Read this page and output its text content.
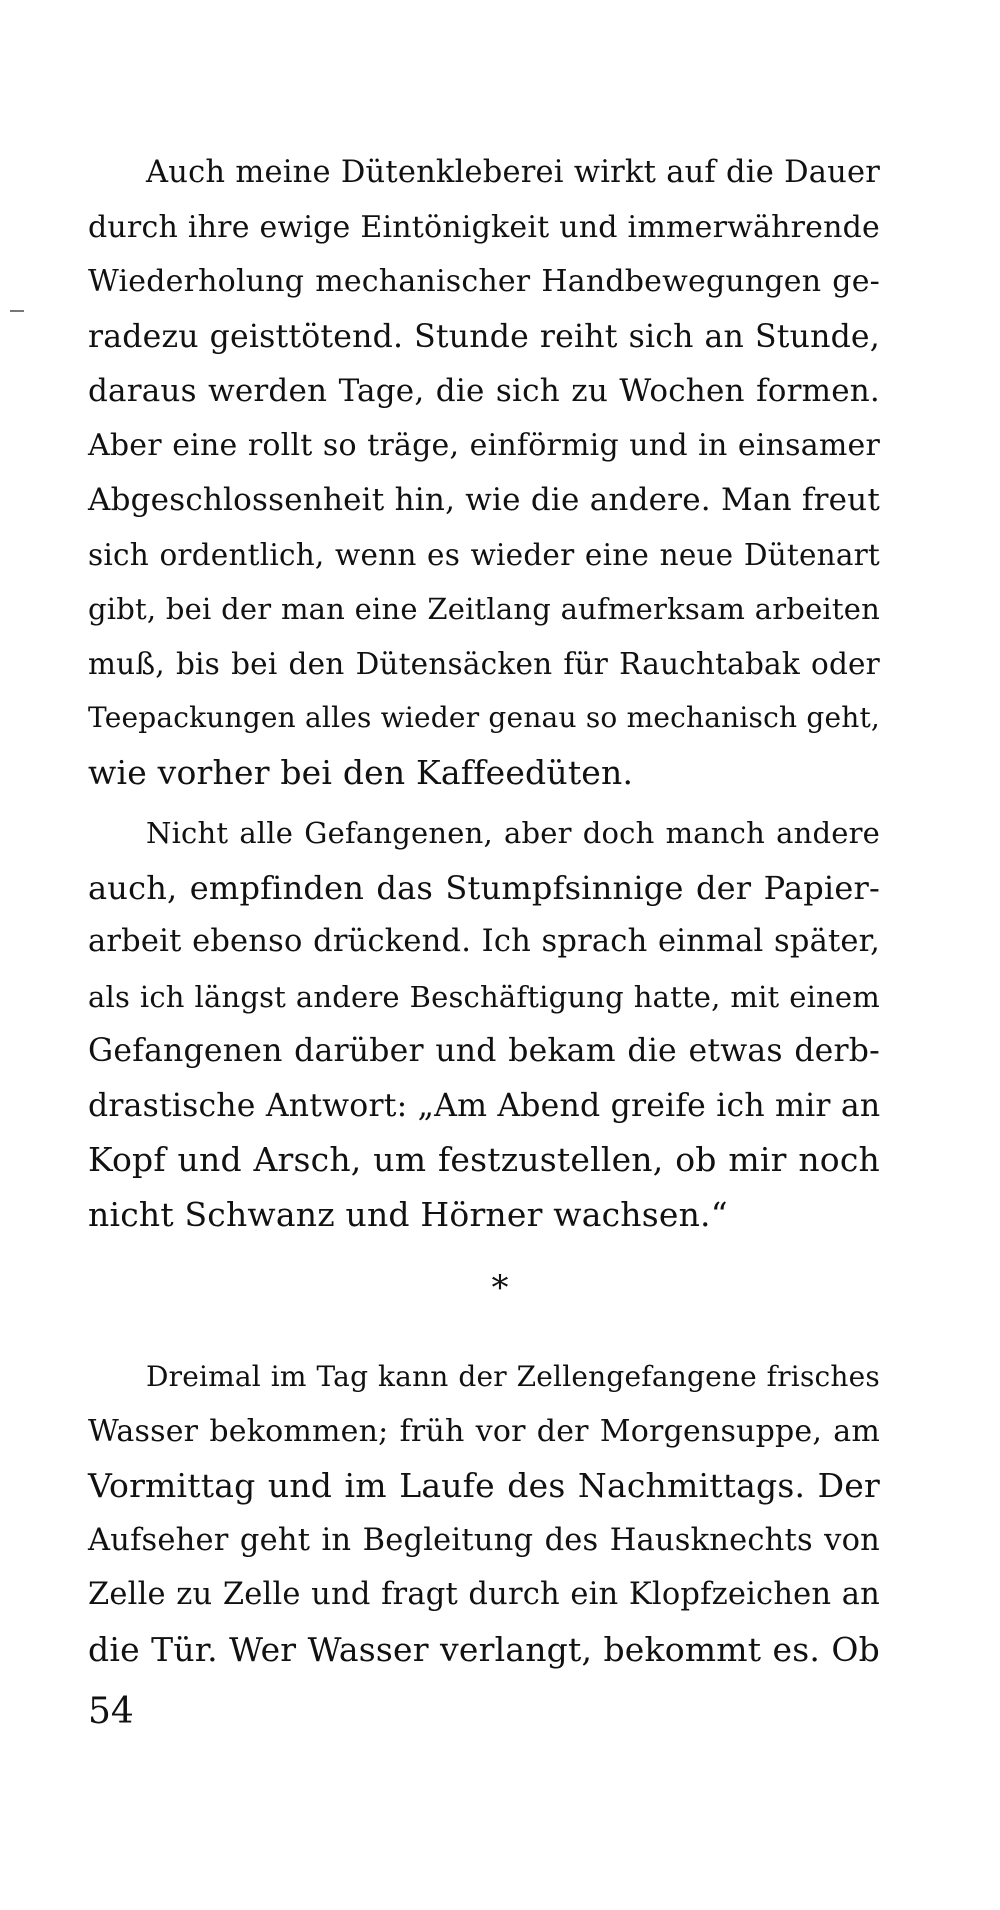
Auch meine Dütenkleberei wirkt auf die Dauer
durch ihre ewige Eintönigkeit und immerwährende
Wiederholung mechanischer Handbewegungen ge-
radezu geisttötend. Stunde reiht sich an Stunde,
daraus werden Tage, die sich zu Wochen formen.
Aber eine rollt so träge, einförmig und in einsamer
Abgeschlossenheit hin, wie die andere. Man freut
sich ordentlich, wenn es wieder eine neue Dütenart
gibt, bei der man eine Zeitlang aufmerksam arbeiten
muß, bis bei den Dütensäcken für Rauchtabak oder
Teepackungen alles wieder genau so mechanisch geht,
wie vorher bei den Kaffeedüten.
Nicht alle Gefangenen, aber doch manch andere
auch, empfinden das Stumpfsinnige der Papier-
arbeit ebenso drückend. Ich sprach einmal später,
als ich längst andere Beschäftigung hatte, mit einem
Gefangenen darüber und bekam die etwas derb-
drastische Antwort: „Am Abend greife ich mir an
Kopf und Arsch, um festzustellen, ob mir noch
nicht Schwanz und Hörner wachsen.“
*
Dreimal im Tag kann der Zellengefangene frisches
Wasser bekommen; früh vor der Morgensuppe, am
Vormittag und im Laufe des Nachmittags. Der
Aufseher geht in Begleitung des Hausknechts von
Zelle zu Zelle und fragt durch ein Klopfzeichen an
die Tür. Wer Wasser verlangt, bekommt es. Ob
54
